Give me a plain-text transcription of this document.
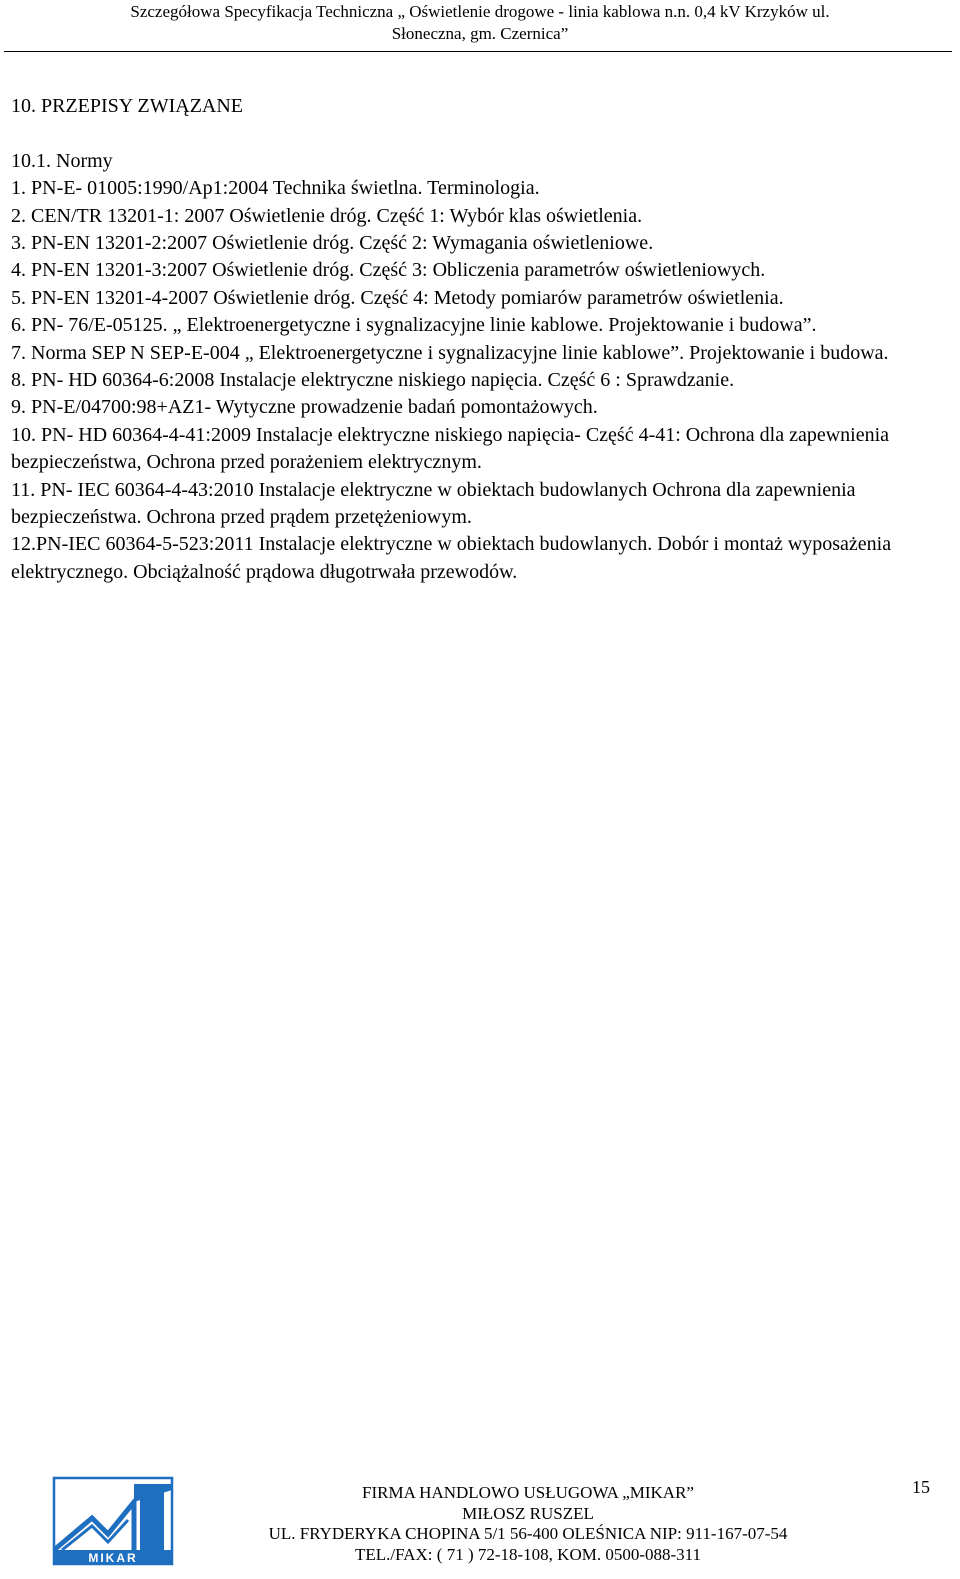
Szczegółowa Specyfikacja Techniczna „ Oświetlenie drogowe - linia kablowa n.n. 0,4 kV Krzyków ul.
Słoneczna, gm. Czernica”
10. PRZEPISY ZWIĄZANE
10.1. Normy
1. PN-E- 01005:1990/Ap1:2004 Technika świetlna. Terminologia.
2. CEN/TR 13201-1: 2007 Oświetlenie dróg. Część 1: Wybór klas oświetlenia.
3. PN-EN 13201-2:2007 Oświetlenie dróg. Część 2: Wymagania oświetleniowe.
4. PN-EN 13201-3:2007 Oświetlenie dróg. Część 3: Obliczenia parametrów oświetleniowych.
5. PN-EN 13201-4-2007 Oświetlenie dróg. Część 4: Metody pomiarów parametrów oświetlenia.
6. PN- 76/E-05125. „ Elektroenergetyczne i sygnalizacyjne linie kablowe. Projektowanie i budowa”.
7. Norma SEP N SEP-E-004 „ Elektroenergetyczne i sygnalizacyjne linie kablowe”. Projektowanie i budowa.
8. PN- HD 60364-6:2008 Instalacje elektryczne niskiego napięcia. Część 6 : Sprawdzanie.
9. PN-E/04700:98+AZ1- Wytyczne prowadzenie badań pomontażowych.
10. PN- HD 60364-4-41:2009 Instalacje elektryczne niskiego napięcia- Część 4-41: Ochrona dla zapewnienia bezpieczeństwa, Ochrona przed porażeniem elektrycznym.
11. PN- IEC 60364-4-43:2010 Instalacje elektryczne w obiektach budowlanych Ochrona dla zapewnienia bezpieczeństwa. Ochrona przed prądem przetężeniowym.
12.PN-IEC 60364-5-523:2011 Instalacje elektryczne w obiektach budowlanych. Dobór i montaż wyposażenia elektrycznego. Obciążalność prądowa długotrwała przewodów.
MIKAR
FIRMA HANDLOWO USŁUGOWA „MIKAR”
MIŁOSZ RUSZEL
UL. FRYDERYKA CHOPINA 5/1 56-400 OLEŚNICA NIP: 911-167-07-54
TEL./FAX: ( 71 ) 72-18-108, KOM. 0500-088-311
15
